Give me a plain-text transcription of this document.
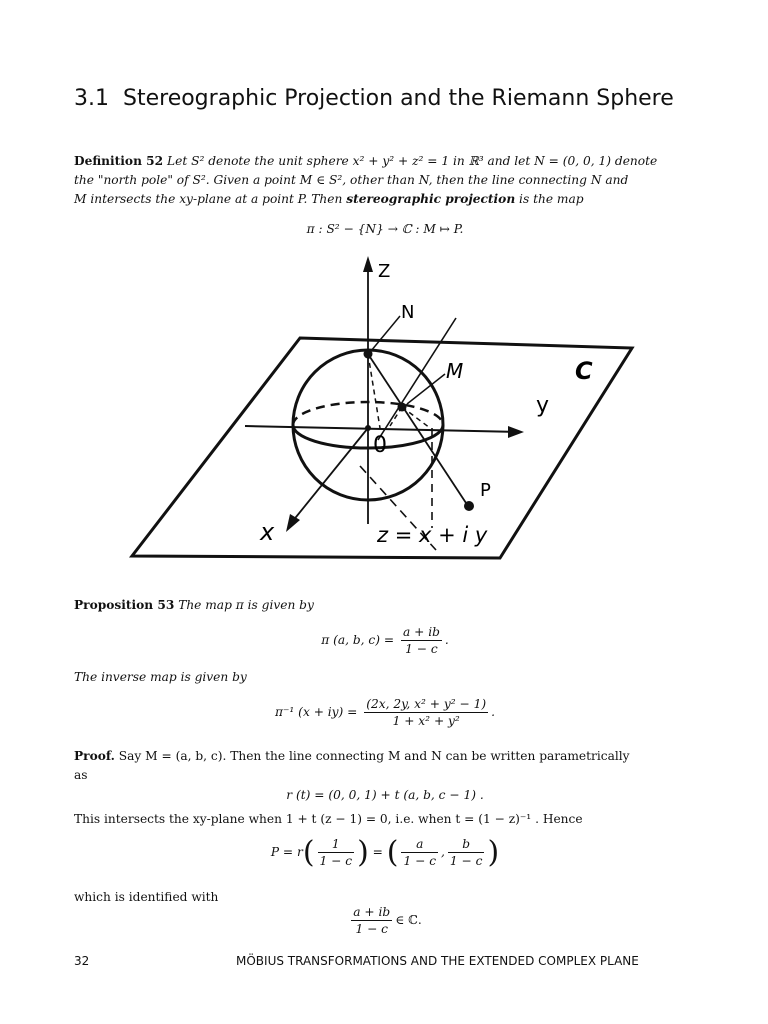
3.1 Stereographic Projection and the Riemann Sphere
Definition 52 Let S² denote the unit sphere x² + y² + z² = 1 in ℝ³ and let N = (0, 0, 1) denote
the "north pole" of S². Given a point M ∈ S², other than N, then the line connecting N and
M intersects the xy-plane at a point P. Then stereographic projection is the map
π : S² − {N} → ℂ : M ↦ P.
Z
N
M	C
y
0
P
x	z = x + i y
Proposition 53 The map π is given by
π (a, b, $c) = \frac{a + ib}{1 - c}$ .
The inverse map is given by
π⁻¹ $(x + iy) = \frac{\text{(2x, 2y, x² + y² − 1)}}{\text{1 + x² + y²}}$ .
Proof. Say M = (a, b, c). Then the line connecting M and N can be written parametrically
as
r (t) = (0, 0, 1) + t (a, b, c − 1) .
This intersects the xy-plane when 1 + t (z − 1) = 0, i.e. when t = (1 − z)⁻¹ . Hence
$P = r( \frac{1}{1 - c}$ ) = ( $\frac{a}{1 - c}$ , $\frac{b}{1 - c}$ )
which is identified with
$\frac{a + ib}{1 - c}$ ∈ ℂ.
32	MÖBIUS TRANSFORMATIONS AND THE EXTENDED COMPLEX PLANE
